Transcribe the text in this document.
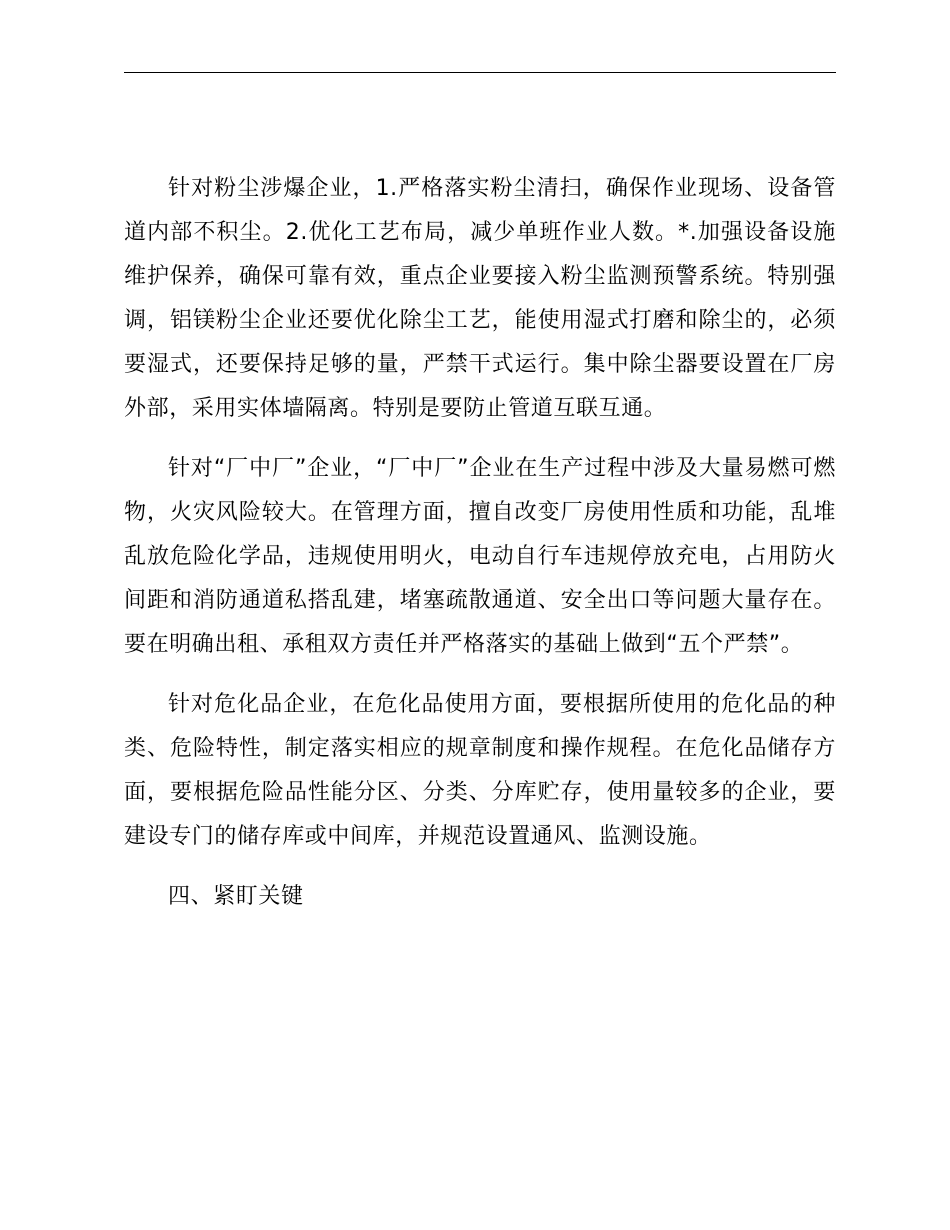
针对粉尘涉爆企业，1.严格落实粉尘清扫，确保作业现场、设备管道内部不积尘。2.优化工艺布局，减少单班作业人数。*.加强设备设施维护保养，确保可靠有效，重点企业要接入粉尘监测预警系统。特别强调，铝镁粉尘企业还要优化除尘工艺，能使用湿式打磨和除尘的，必须要湿式，还要保持足够的量，严禁干式运行。集中除尘器要设置在厂房外部，采用实体墙隔离。特别是要防止管道互联互通。

针对“厂中厂”企业，“厂中厂”企业在生产过程中涉及大量易燃可燃物，火灾风险较大。在管理方面，擅自改变厂房使用性质和功能，乱堆乱放危险化学品，违规使用明火，电动自行车违规停放充电，占用防火间距和消防通道私搭乱建，堵塞疏散通道、安全出口等问题大量存在。要在明确出租、承租双方责任并严格落实的基础上做到“五个严禁”。

针对危化品企业，在危化品使用方面，要根据所使用的危化品的种类、危险特性，制定落实相应的规章制度和操作规程。在危化品储存方面，要根据危险品性能分区、分类、分库贮存，使用量较多的企业，要建设专门的储存库或中间库，并规范设置通风、监测设施。

四、紧盯关键
